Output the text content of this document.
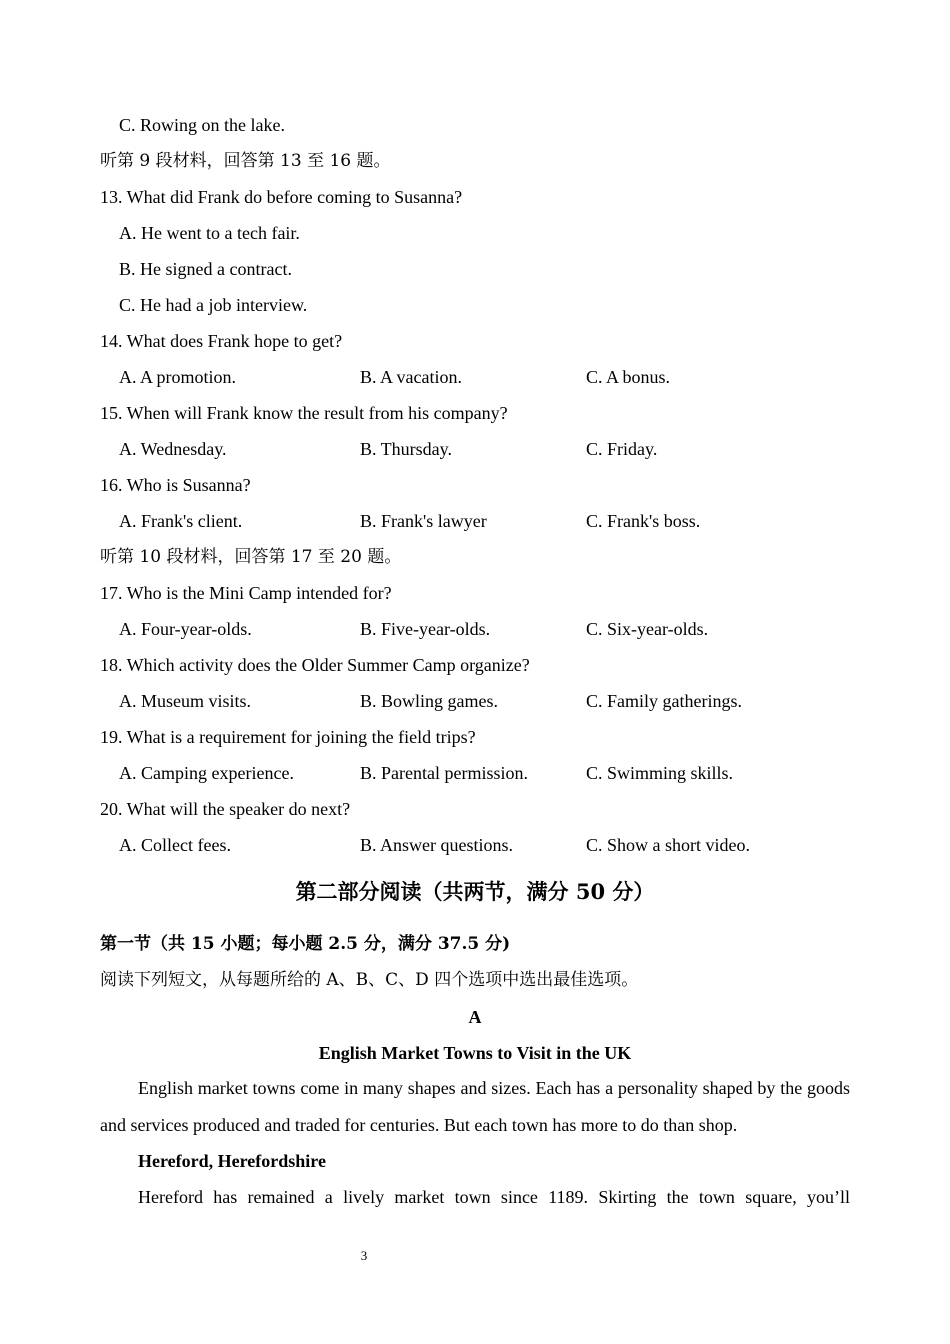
C. Rowing on the lake.
听第 9 段材料，回答第 13 至 16 题。
13. What did Frank do before coming to Susanna?
A. He went to a tech fair.
B. He signed a contract.
C. He had a job interview.
14. What does Frank hope to get?
A. A promotion.	B. A vacation.	C. A bonus.
15. When will Frank know the result from his company?
A. Wednesday.	B. Thursday.	C. Friday.
16. Who is Susanna?
A. Frank's client.	B. Frank's lawyer	C. Frank's boss.
听第 10 段材料，回答第 17 至 20 题。
17. Who is the Mini Camp intended for?
A. Four-year-olds.	B. Five-year-olds.	C. Six-year-olds.
18. Which activity does the Older Summer Camp organize?
A. Museum visits.	B. Bowling games.	C. Family gatherings.
19. What is a requirement for joining the field trips?
A. Camping experience.	B. Parental permission.	C. Swimming skills.
20. What will the speaker do next?
A. Collect fees.	B. Answer questions.	C. Show a short video.
第二部分阅读（共两节，满分 50 分）
第一节（共 15 小题；每小题 2.5 分，满分 37.5 分)
阅读下列短文，从每题所给的 A、B、C、D 四个选项中选出最佳选项。
A
English Market Towns to Visit in the UK
English market towns come in many shapes and sizes. Each has a personality shaped by the goods and services produced and traded for centuries. But each town has more to do than shop.
Hereford, Herefordshire
Hereford has remained a lively market town since 1189. Skirting the town square, you’ll
3
